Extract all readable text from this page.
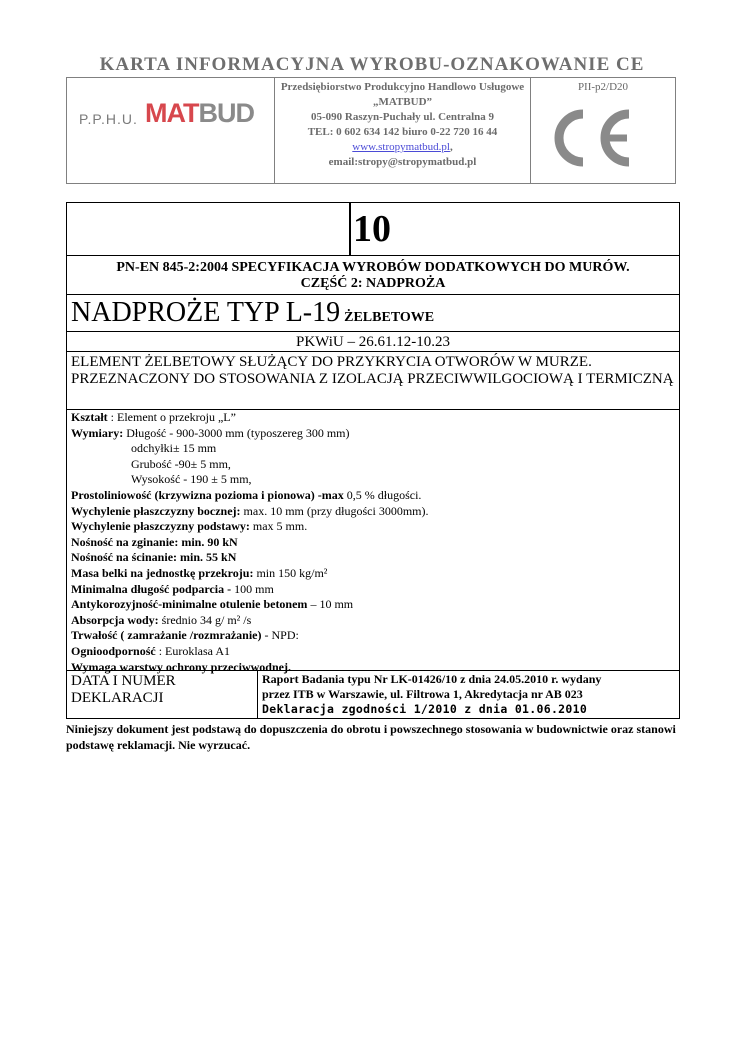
KARTA INFORMACYJNA WYROBU-OZNAKOWANIE CE
P.P.H.U. MATBUD
Przedsiębiorstwo Produkcyjno Handlowo Usługowe
„MATBUD”
05-090 Raszyn-Puchały ul. Centralna 9
TEL: 0 602 634 142 biuro 0-22 720 16 44
www.stropymatbud.pl,
email:stropy@stropymatbud.pl
PII-p2/D20
10
PN-EN 845-2:2004 SPECYFIKACJA WYROBÓW DODATKOWYCH DO MURÓW.
CZĘŚĆ 2: NADPROŻA
NADPROŻE TYP L-19 ŻELBETOWE
PKWiU – 26.61.12-10.23
ELEMENT ŻELBETOWY SŁUŻĄCY DO PRZYKRYCIA OTWORÓW W MURZE. PRZEZNACZONY DO STOSOWANIA Z IZOLACJĄ PRZECIWWILGOCIOWĄ I TERMICZNĄ
Kształt : Element o przekroju „L”
Wymiary: Długość - 900-3000 mm (typoszereg 300 mm)
odchyłki± 15 mm
Grubość -90± 5 mm,
Wysokość - 190 ± 5 mm,
Prostoliniowość (krzywizna pozioma i pionowa) -max 0,5 % długości.
Wychylenie płaszczyzny bocznej: max. 10 mm (przy długości 3000mm).
Wychylenie płaszczyzny podstawy: max 5 mm.
Nośność na zginanie: min. 90 kN
Nośność na ścinanie: min. 55 kN
Masa belki na jednostkę przekroju: min 150 kg/m²
Minimalna długość podparcia - 100 mm
Antykorozyjność-minimalne otulenie betonem – 10 mm
Absorpcja wody: średnio 34 g/ m² /s
Trwałość ( zamrażanie /rozmrażanie) - NPD:
Ognioodporność : Euroklasa A1
Wymaga warstwy ochrony przeciwwodnej.
DATA I NUMER DEKLARACJI
Raport Badania typu Nr LK-01426/10 z dnia 24.05.2010 r. wydany
przez ITB w Warszawie, ul. Filtrowa 1, Akredytacja nr AB 023
Deklaracja zgodności 1/2010 z dnia 01.06.2010
Niniejszy dokument jest podstawą do dopuszczenia do obrotu i powszechnego stosowania w budownictwie oraz stanowi podstawę reklamacji. Nie wyrzucać.
